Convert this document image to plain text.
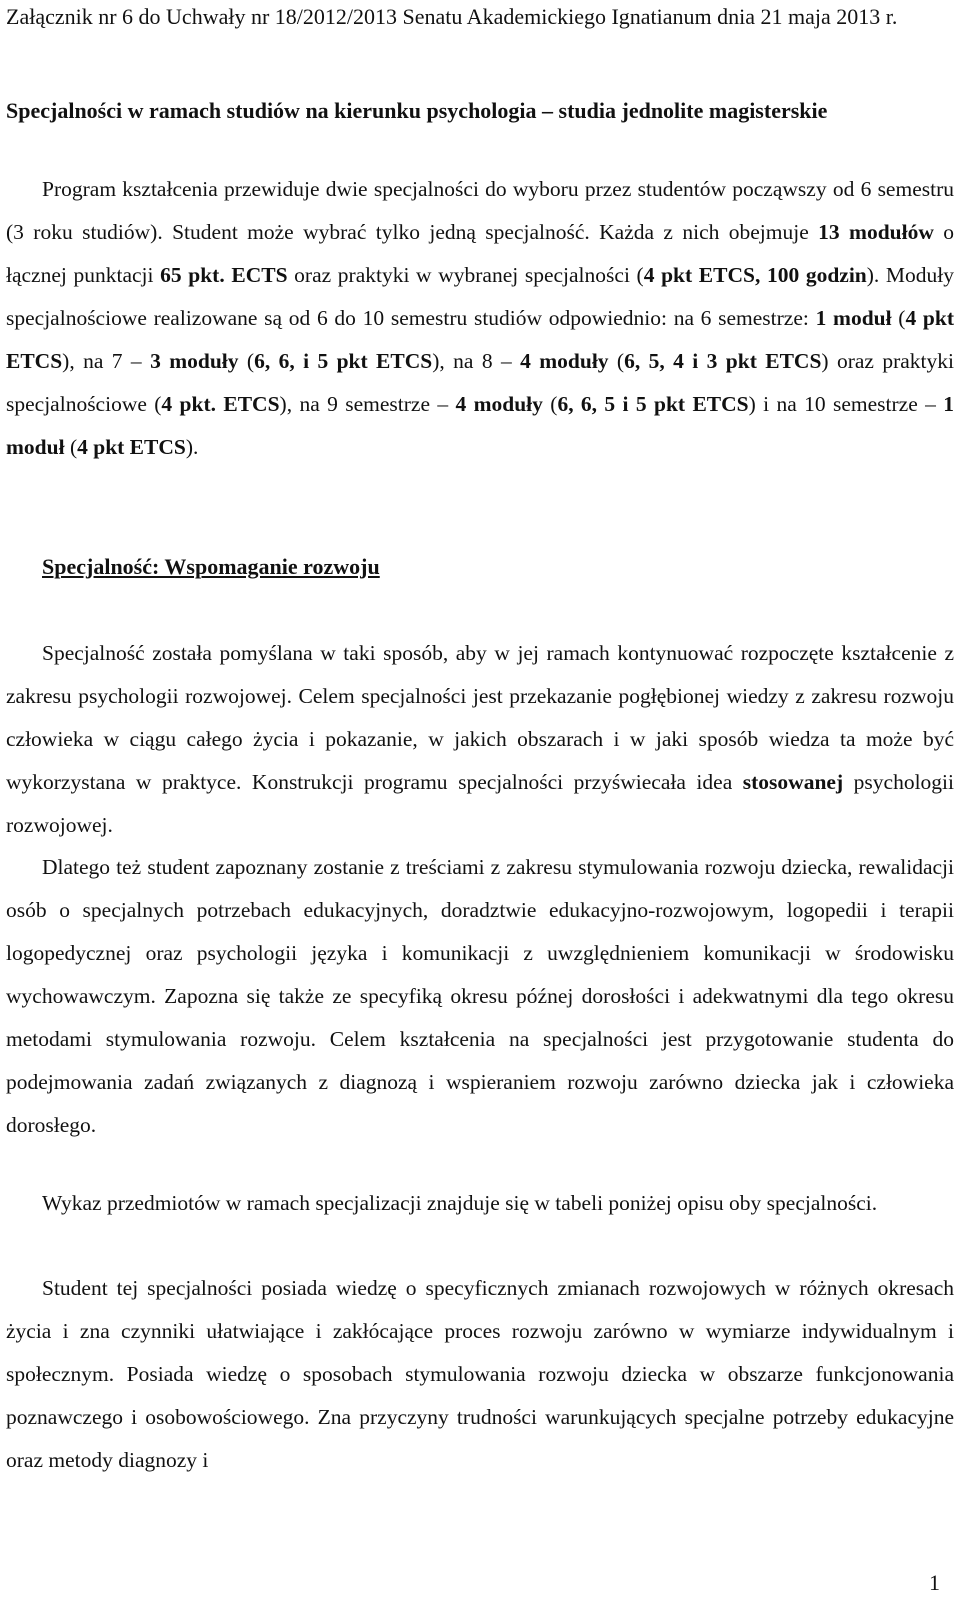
Załącznik nr 6 do Uchwały nr 18/2012/2013 Senatu Akademickiego Ignatianum dnia 21 maja 2013 r.
Specjalności w ramach studiów na kierunku psychologia – studia jednolite magisterskie

Program kształcenia przewiduje dwie specjalności do wyboru przez studentów począwszy od 6 semestru (3 roku studiów). Student może wybrać tylko jedną specjalność. Każda z nich obejmuje 13 modułów o łącznej punktacji 65 pkt. ECTS oraz praktyki w wybranej specjalności (4 pkt ETCS, 100 godzin). Moduły specjalnościowe realizowane są od 6 do 10 semestru studiów odpowiednio: na 6 semestrze: 1 moduł (4 pkt ETCS), na 7 – 3 moduły (6, 6, i 5 pkt ETCS), na 8 – 4 moduły (6, 5, 4 i 3 pkt ETCS) oraz praktyki specjalnościowe (4 pkt. ETCS), na 9 semestrze – 4 moduły (6, 6, 5 i 5 pkt ETCS) i na 10 semestrze – 1 moduł (4 pkt ETCS).

Specjalność: Wspomaganie rozwoju

Specjalność została pomyślana w taki sposób, aby w jej ramach kontynuować rozpoczęte kształcenie z zakresu psychologii rozwojowej. Celem specjalności jest przekazanie pogłębionej wiedzy z zakresu rozwoju człowieka w ciągu całego życia i pokazanie, w jakich obszarach i w jaki sposób wiedza ta może być wykorzystana w praktyce. Konstrukcji programu specjalności przyświecała idea stosowanej psychologii rozwojowej.

Dlatego też student zapoznany zostanie z treściami z zakresu stymulowania rozwoju dziecka, rewalidacji osób o specjalnych potrzebach edukacyjnych, doradztwie edukacyjno-rozwojowym, logopedii i terapii logopedycznej oraz psychologii języka i komunikacji z uwzględnieniem komunikacji w środowisku wychowawczym. Zapozna się także ze specyfiką okresu późnej dorosłości i adekwatnymi dla tego okresu metodami stymulowania rozwoju. Celem kształcenia na specjalności jest przygotowanie studenta do podejmowania zadań związanych z diagnozą i wspieraniem rozwoju zarówno dziecka jak i człowieka dorosłego.

Wykaz przedmiotów w ramach specjalizacji znajduje się w tabeli poniżej opisu oby specjalności.

Student tej specjalności posiada wiedzę o specyficznych zmianach rozwojowych w różnych okresach życia i zna czynniki ułatwiające i zakłócające proces rozwoju zarówno w wymiarze indywidualnym i społecznym. Posiada wiedzę o sposobach stymulowania rozwoju dziecka w obszarze funkcjonowania poznawczego i osobowościowego. Zna przyczyny trudności warunkujących specjalne potrzeby edukacyjne oraz metody diagnozy i

1
